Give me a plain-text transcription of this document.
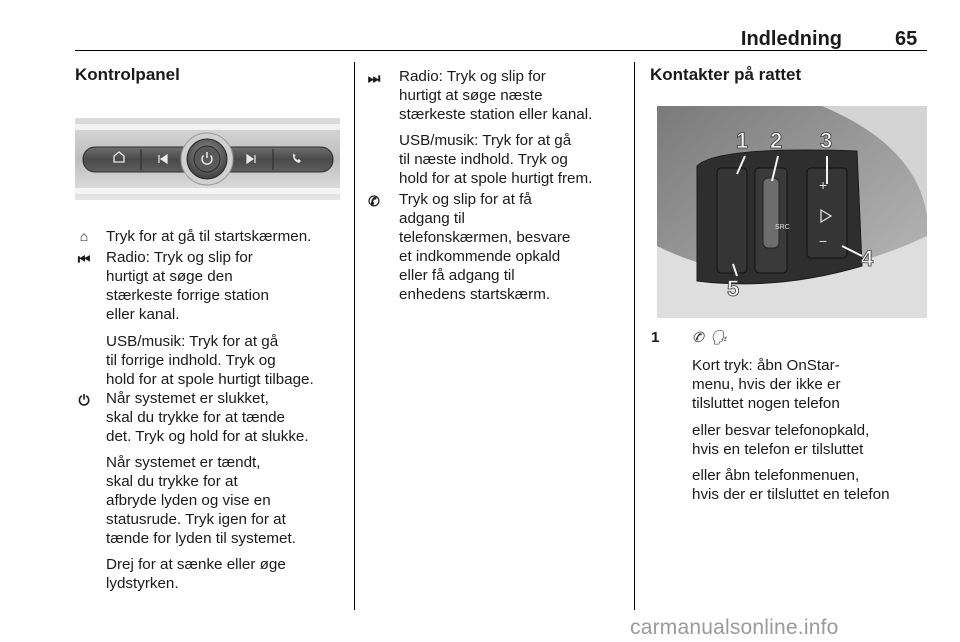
Indledning	65
Kontrolpanel
⌂	Tryk for at gå til startskærmen.
⏮ Radio: Tryk og slip for
hurtigt at søge den
stærkeste forrige station
eller kanal.
USB/musik: Tryk for at gå
til forrige indhold. Tryk og
hold for at spole hurtigt tilbage.
⏻ Når systemet er slukket,
skal du trykke for at tænde
det. Tryk og hold for at slukke.
Når systemet er tændt,
skal du trykke for at
afbryde lyden og vise en
statusrude. Tryk igen for at
tænde for lyden til systemet.
Drej for at sænke eller øge
lydstyrken.
⏭ Radio: Tryk og slip for
hurtigt at søge næste
stærkeste station eller kanal.
USB/musik: Tryk for at gå
til næste indhold. Tryk og
hold for at spole hurtigt frem.
✆ Tryk og slip for at få
adgang til
telefonskærmen, besvare
et indkommende opkald
eller få adgang til
enhedens startskærm.
Kontakter på rattet
SRC
+
−
1 2 3
4
5
1 ✆ 🗣
Kort tryk: åbn OnStar-
menu, hvis der ikke er
tilsluttet nogen telefon
eller besvar telefonopkald,
hvis en telefon er tilsluttet
eller åbn telefonmenuen,
hvis der er tilsluttet en telefon
carmanualsonline.info
